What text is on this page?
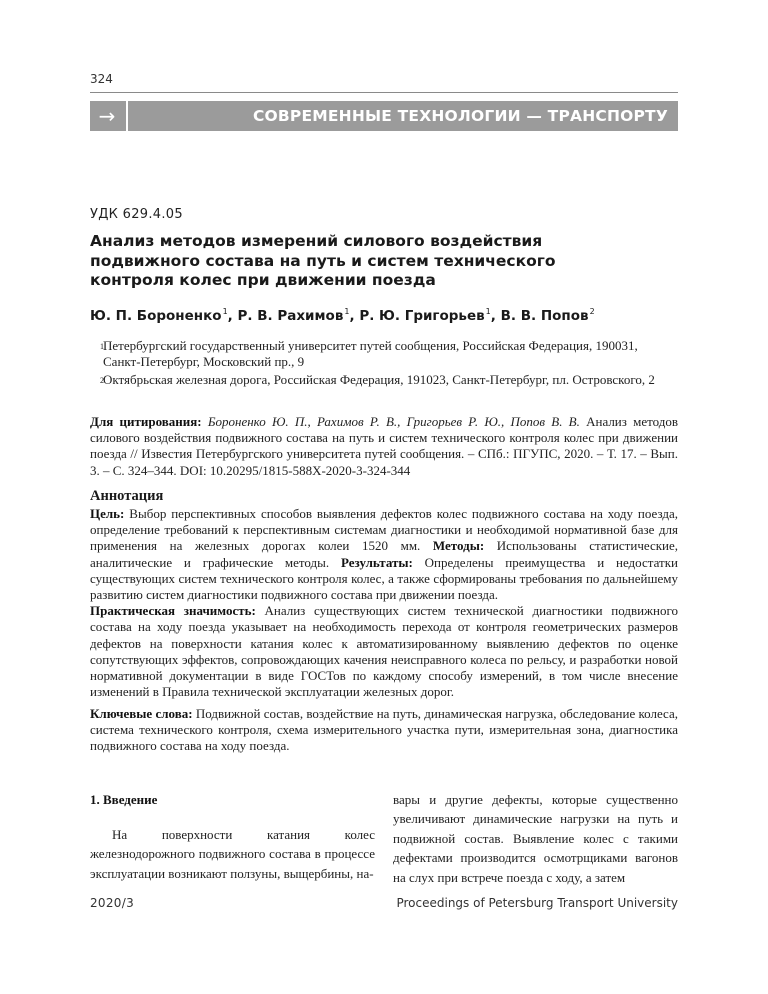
324
→	СОВРЕМЕННЫЕ ТЕХНОЛОГИИ — ТРАНСПОРТУ
УДК 629.4.05
Анализ методов измерений силового воздействия подвижного состава на путь и систем технического контроля колес при движении поезда
Ю. П. Бороненко$^1$, Р. В. Рахимов$^1$, Р. Ю. Григорьев$^1$, В. В. Попов$^2$
1 Петербургский государственный университет путей сообщения, Российская Федерация, 190031, Санкт-Петербург, Московский пр., 9
2 Октябрьская железная дорога, Российская Федерация, 191023, Санкт-Петербург, пл. Островского, 2
Для цитирования: Бороненко Ю. П., Рахимов Р. В., Григорьев Р. Ю., Попов В. В. Анализ методов силового воздействия подвижного состава на путь и систем технического контроля колес при движении поезда // Известия Петербургского университета путей сообщения. – СПб.: ПГУПС, 2020. – Т. 17. – Вып. 3. – С. 324–344. DOI: 10.20295/1815-588X-2020-3-324-344
Аннотация
Цель: Выбор перспективных способов выявления дефектов колес подвижного состава на ходу поезда, определение требований к перспективным системам диагностики и необходимой нормативной базе для применения на железных дорогах колеи 1520 мм. Методы: Использованы статистические, аналитические и графические методы. Результаты: Определены преимущества и недостатки существующих систем технического контроля колес, а также сформированы требования по дальнейшему развитию систем диагностики подвижного состава при движении поезда.
Практическая значимость: Анализ существующих систем технической диагностики подвижного состава на ходу поезда указывает на необходимость перехода от контроля геометрических размеров дефектов на поверхности катания колес к автоматизированному выявлению дефектов по оценке сопутствующих эффектов, сопровождающих качения неисправного колеса по рельсу, и разработки новой нормативной документации в виде ГОСТов по каждому способу измерений, в том числе внесение изменений в Правила технической эксплуатации железных дорог.
Ключевые слова: Подвижной состав, воздействие на путь, динамическая нагрузка, обследование колеса, система технического контроля, схема измерительного участка пути, измерительная зона, диагностика подвижного состава на ходу поезда.
1. Введение
На поверхности катания колес железнодорожного подвижного состава в процессе эксплуатации возникают ползуны, выщербины, на-
вары и другие дефекты, которые существенно увеличивают динамические нагрузки на путь и подвижной состав. Выявление колес с такими дефектами производится осмотрщиками вагонов на слух при встрече поезда с ходу, а затем
2020/3	Proceedings of Petersburg Transport University
